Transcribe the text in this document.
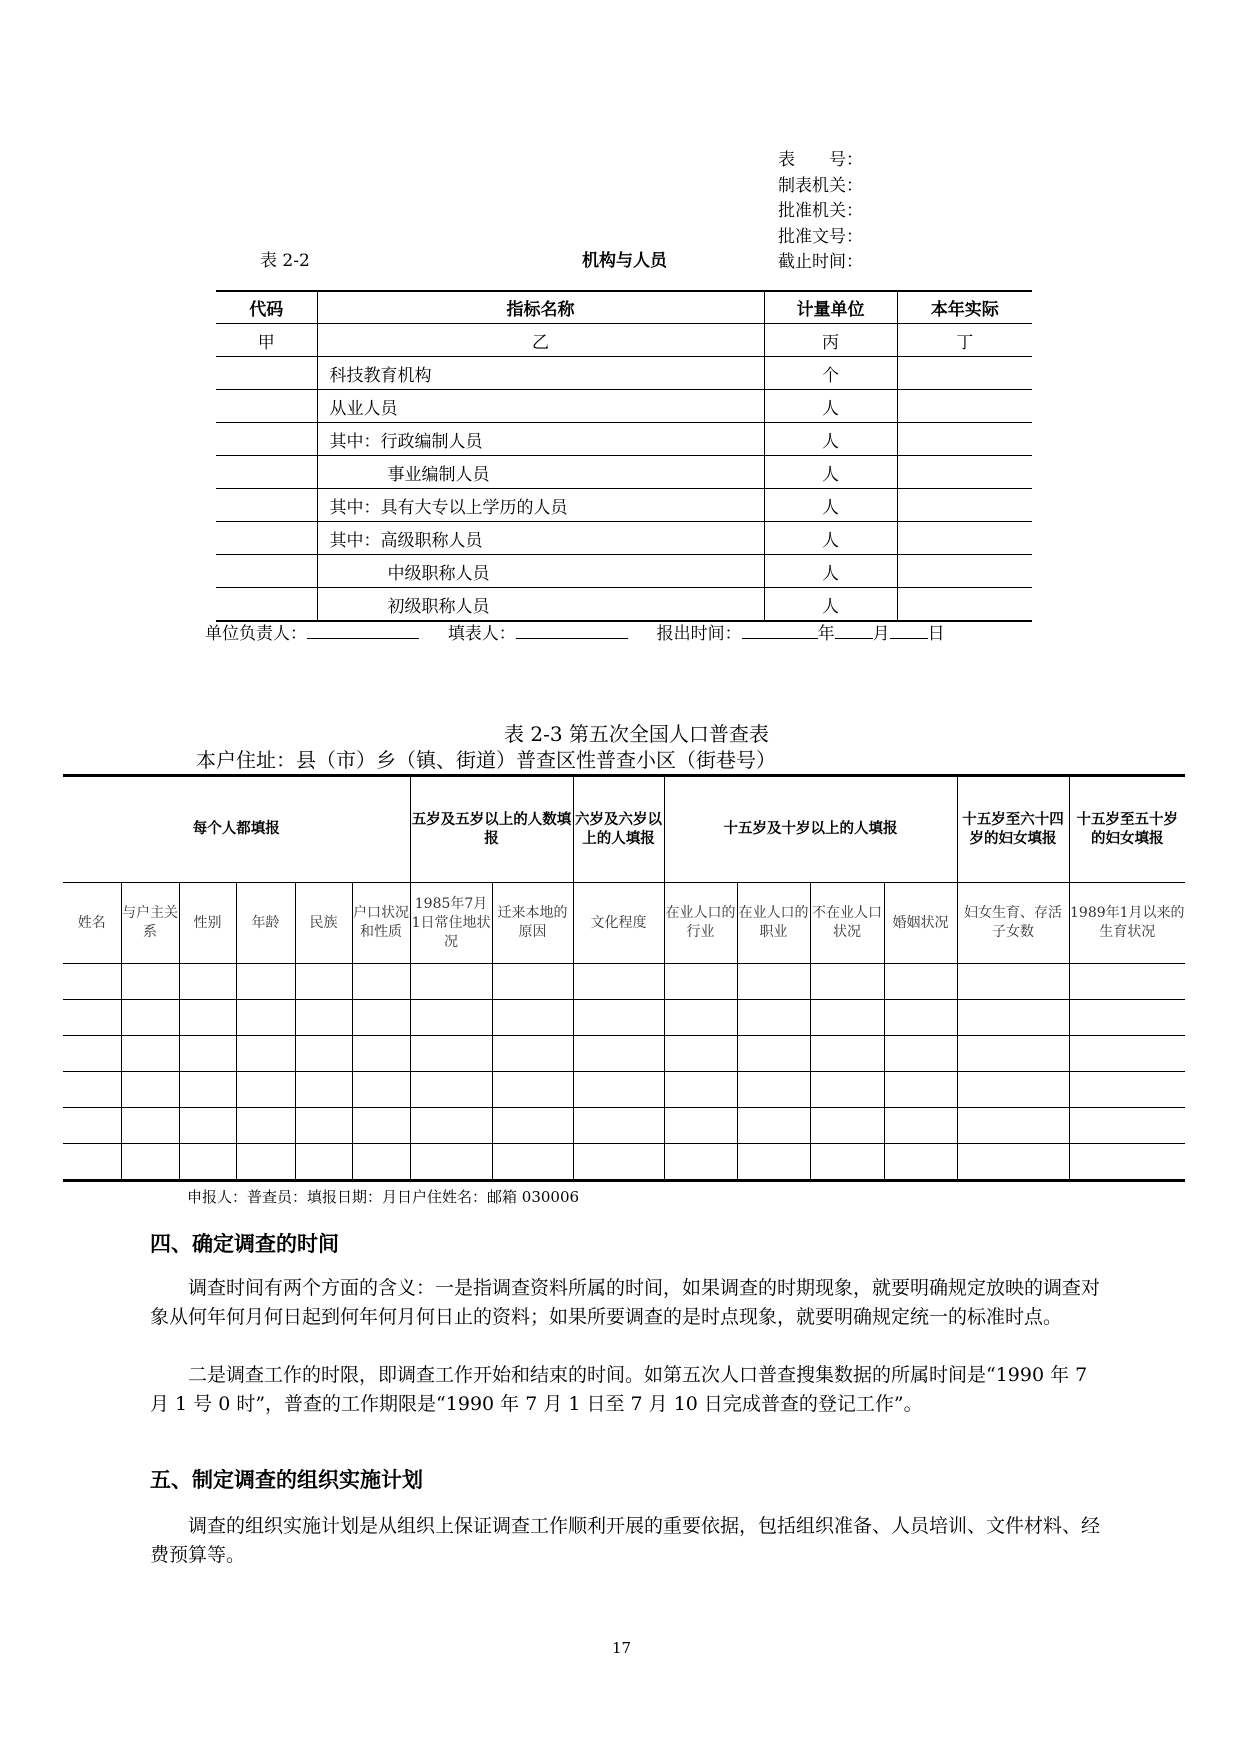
表　　号：
制表机关：
批准机关：
批准文号：
截止时间：
表 2-2	机构与人员
代码	指标名称	计量单位	本年实际
甲	乙	丙	丁
	科技教育机构	个	
	从业人员	人	
	其中：行政编制人员	人	
	事业编制人员	人	
	其中：具有大专以上学历的人员	人	
	其中：高级职称人员	人	
	中级职称人员	人	
	初级职称人员	人	
单位负责人：	填表人：	报出时间：	年 月 日
表 2-3 第五次全国人口普查表
本户住址：县（市）乡（镇、街道）普查区性普查小区（街巷号）
每个人都填报						五岁及五岁以上的人数填报		六岁及六岁以上的人填报	十五岁及十岁以上的人填报				十五岁至六十四岁的妇女填报	十五岁至五十岁的妇女填报
姓名	与户主关系	性别	年龄	民族	户口状况和性质	1985年7月1日常住地状况	迁来本地的原因	文化程度	在业人口的行业	在业人口的职业	不在业人口状况	婚姻状况	妇女生育、存活子女数	1989年1月以来的生育状况

申报人：普查员：填报日期：月日户住姓名：邮箱 030006
四、确定调查的时间
调查时间有两个方面的含义：一是指调查资料所属的时间，如果调查的时期现象，就要明确规定放映的调查对象从何年何月何日起到何年何月何日止的资料；如果所要调查的是时点现象，就要明确规定统一的标准时点。
二是调查工作的时限，即调查工作开始和结束的时间。如第五次人口普查搜集数据的所属时间是“1990 年 7 月 1 号 0 时”，普查的工作期限是“1990 年 7 月 1 日至 7 月 10 日完成普查的登记工作”。
五、制定调查的组织实施计划
调查的组织实施计划是从组织上保证调查工作顺利开展的重要依据，包括组织准备、人员培训、文件材料、经费预算等。
17
